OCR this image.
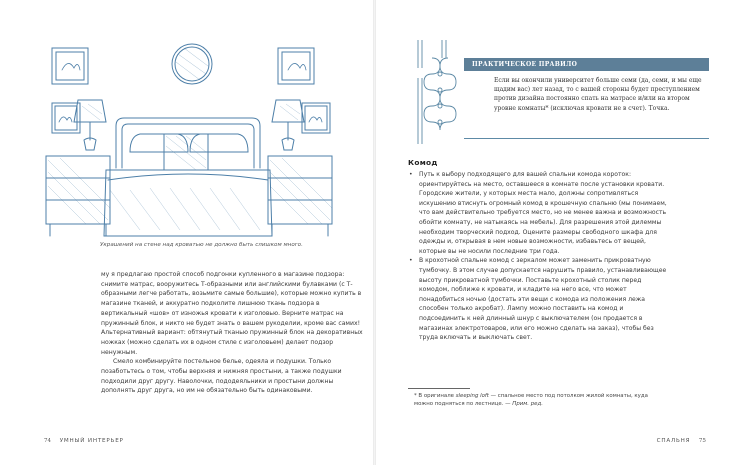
Украшений на стене над кроватью не должно быть слишком много.

му я предлагаю простой способ подгонки купленного в магазине подзора: снимите матрас, вооружитесь Т-образными или английскими булавками (с Т-образными легче работать, возьмите самые большие), которые можно купить в магазине тканей, и аккуратно подколите лишнюю ткань подзора в вертикальный «шов» от изножья кровати к изголовью. Верните матрас на пружинный блок, и никто не будет знать о вашем рукоделии, кроме вас самих! Альтернативный вариант: обтянутый тканью пружинный блок на декоративных ножках (можно сделать их в одном стиле с изголовьем) делает подзор ненужным.

Смело комбинируйте постельное белье, одеяла и подушки. Только позаботьтесь о том, чтобы верхняя и нижняя простыни, а также подушки подходили друг другу. Наволочки, пододеяльники и простыни должны дополнять друг друга, но им не обязательно быть одинаковыми.

74 УМНЫЙ ИНТЕРЬЕР
ПРАКТИЧЕСКОЕ ПРАВИЛО
Если вы окончили университет больше семи (да, семи, и мы еще щадим вас) лет назад, то с вашей стороны будет преступлением против дизайна постоянно спать на матрасе и/или на втором уровне комнаты* (исключая кровати не в счет). Точка.
Комод
• Путь к выбору подходящего для вашей спальни комода короток: ориентируйтесь на место, оставшееся в комнате после установки кровати. Городские жители, у которых места мало, должны сопротивляться искушению втиснуть огромный комод в крошечную спальню (мы понимаем, что вам действительно требуется место, но не менее важна и возможность обойти комнату, не натыкаясь на мебель). Для разрешения этой дилеммы необходим творческий подход. Оцените размеры свободного шкафа для одежды и, открывая в нем новые возможности, избавьтесь от вещей, которые вы не носили последние три года.
• В крохотной спальне комод с зеркалом может заменить прикроватную тумбочку. В этом случае допускается нарушить правило, устанавливающее высоту прикроватной тумбочки. Поставьте крохотный столик перед комодом, поближе к кровати, и кладите на него все, что может понадобиться ночью (достать эти вещи с комода из положения лежа способен только акробат). Лампу можно поставить на комод и подсоединить к ней длинный шнур с выключателем (он продается в магазинах электротоваров, или его можно сделать на заказ), чтобы без труда включать и выключать свет.
* В оригинале sleeping loft — спальное место под потолком жилой комнаты, куда можно подняться по лестнице. — Прим. ред.
СПАЛЬНЯ 75
